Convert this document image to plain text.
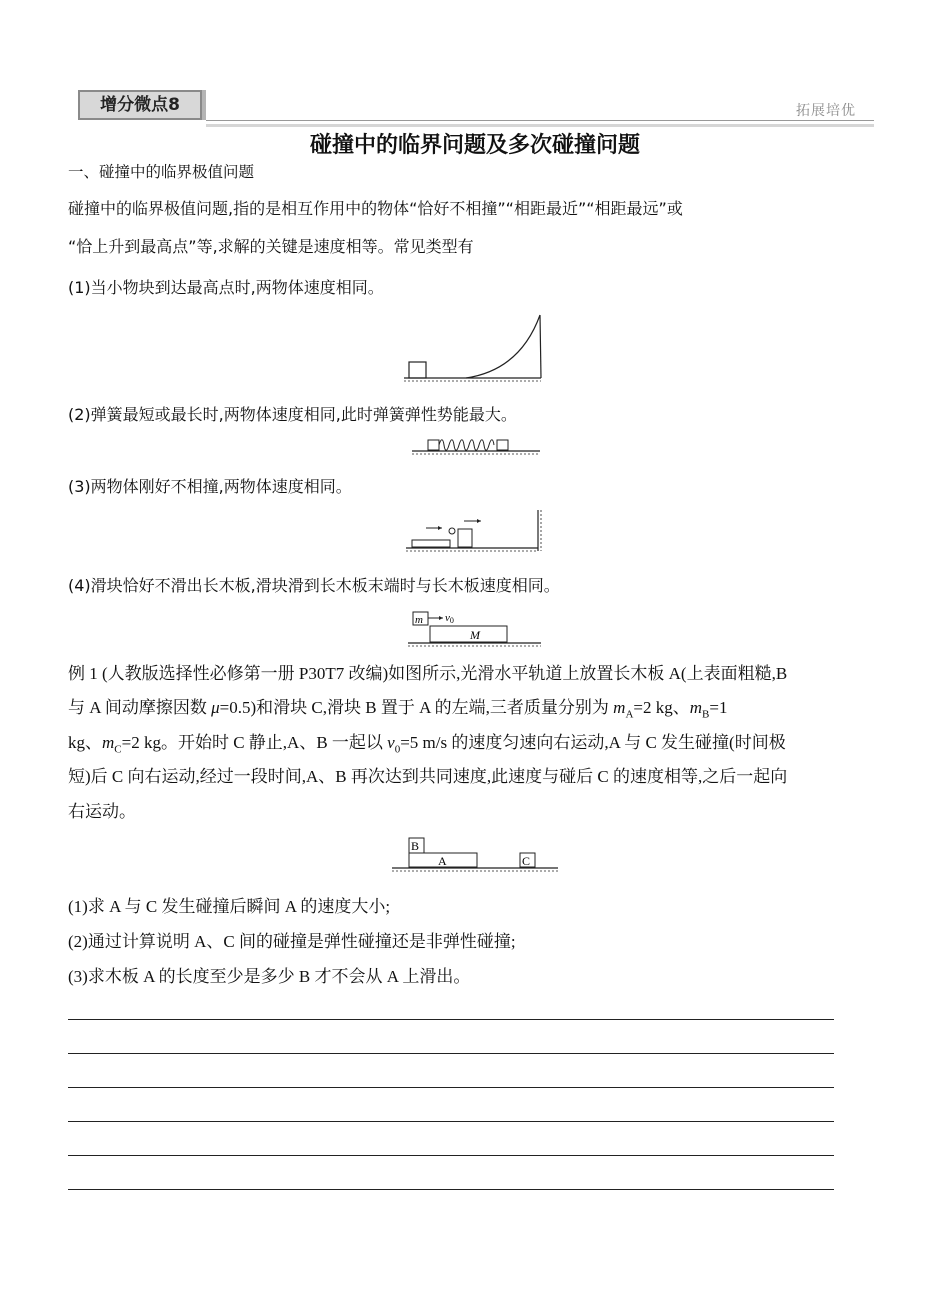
增分微点8	拓展培优
碰撞中的临界问题及多次碰撞问题
一、碰撞中的临界极值问题
碰撞中的临界极值问题,指的是相互作用中的物体“恰好不相撞”“相距最近”“相距最远”或
“恰上升到最高点”等,求解的关键是速度相等。常见类型有
(1)当小物块到达最高点时,两物体速度相同。
(2)弹簧最短或最长时,两物体速度相同,此时弹簧弹性势能最大。
(3)两物体刚好不相撞,两物体速度相同。
(4)滑块恰好不滑出长木板,滑块滑到长木板末端时与长木板速度相同。
m v0
M
例 1 (人教版选择性必修第一册 P30T7 改编)如图所示,光滑水平轨道上放置长木板 A(上表面粗糙,B
与 A 间动摩擦因数 μ=0.5)和滑块 C,滑块 B 置于 A 的左端,三者质量分别为 $m_A=2$ kg、$m_B=1$
kg、$m_C=2$ kg。开始时 C 静止,A、B 一起以 $v_0=5$ m/s 的速度匀速向右运动,A 与 C 发生碰撞(时间极
短)后 C 向右运动,经过一段时间,A、B 再次达到共同速度,此速度与碰后 C 的速度相等,之后一起向
右运动。
B
A	C
(1)求 A 与 C 发生碰撞后瞬间 A 的速度大小;
(2)通过计算说明 A、C 间的碰撞是弹性碰撞还是非弹性碰撞;
(3)求木板 A 的长度至少是多少 B 才不会从 A 上滑出。
